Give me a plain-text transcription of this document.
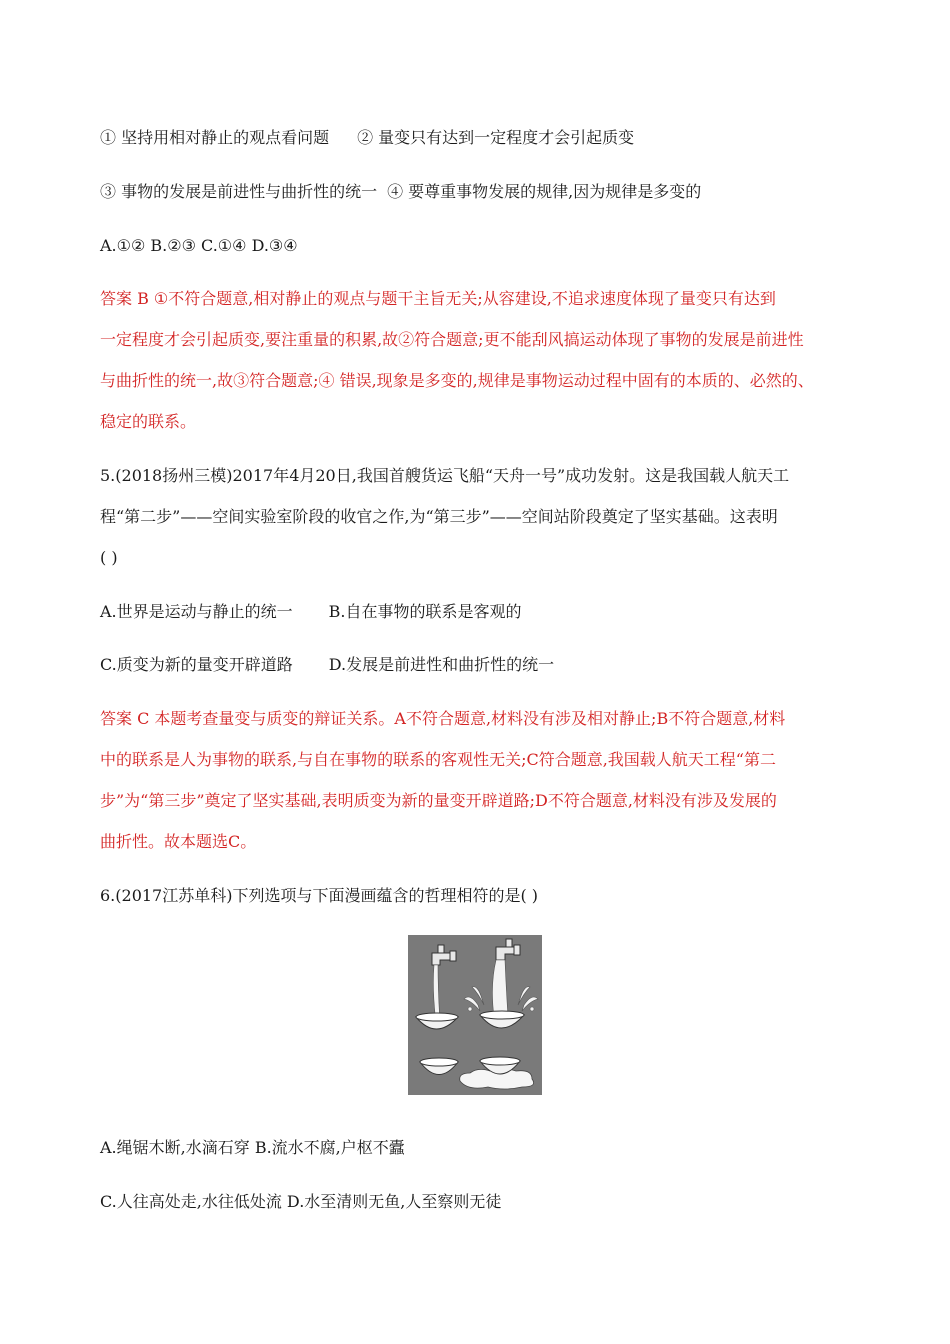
① 坚持用相对静止的观点看问题 ② 量变只有达到一定程度才会引起质变
③ 事物的发展是前进性与曲折性的统一 ④ 要尊重事物发展的规律,因为规律是多变的
A.①② B.②③ C.①④ D.③④
答案 B ①不符合题意,相对静止的观点与题干主旨无关;从容建设,不追求速度体现了量变只有达到
一定程度才会引起质变,要注重量的积累,故②符合题意;更不能刮风搞运动体现了事物的发展是前进性
与曲折性的统一,故③符合题意;④ 错误,现象是多变的,规律是事物运动过程中固有的本质的、必然的、
稳定的联系。
5.(2018扬州三模)2017年4月20日,我国首艘货运飞船“天舟一号”成功发射。这是我国载人航天工
程“第二步”——空间实验室阶段的收官之作,为“第三步”——空间站阶段奠定了坚实基础。这表明
( )
A.世界是运动与静止的统一 B.自在事物的联系是客观的
C.质变为新的量变开辟道路 D.发展是前进性和曲折性的统一
答案 C 本题考查量变与质变的辩证关系。A不符合题意,材料没有涉及相对静止;B不符合题意,材料
中的联系是人为事物的联系,与自在事物的联系的客观性无关;C符合题意,我国载人航天工程“第二
步”为“第三步”奠定了坚实基础,表明质变为新的量变开辟道路;D不符合题意,材料没有涉及发展的
曲折性。故本题选C。
6.(2017江苏单科)下列选项与下面漫画蕴含的哲理相符的是( )
A.绳锯木断,水滴石穿 B.流水不腐,户枢不蠹
C.人往高处走,水往低处流 D.水至清则无鱼,人至察则无徒
